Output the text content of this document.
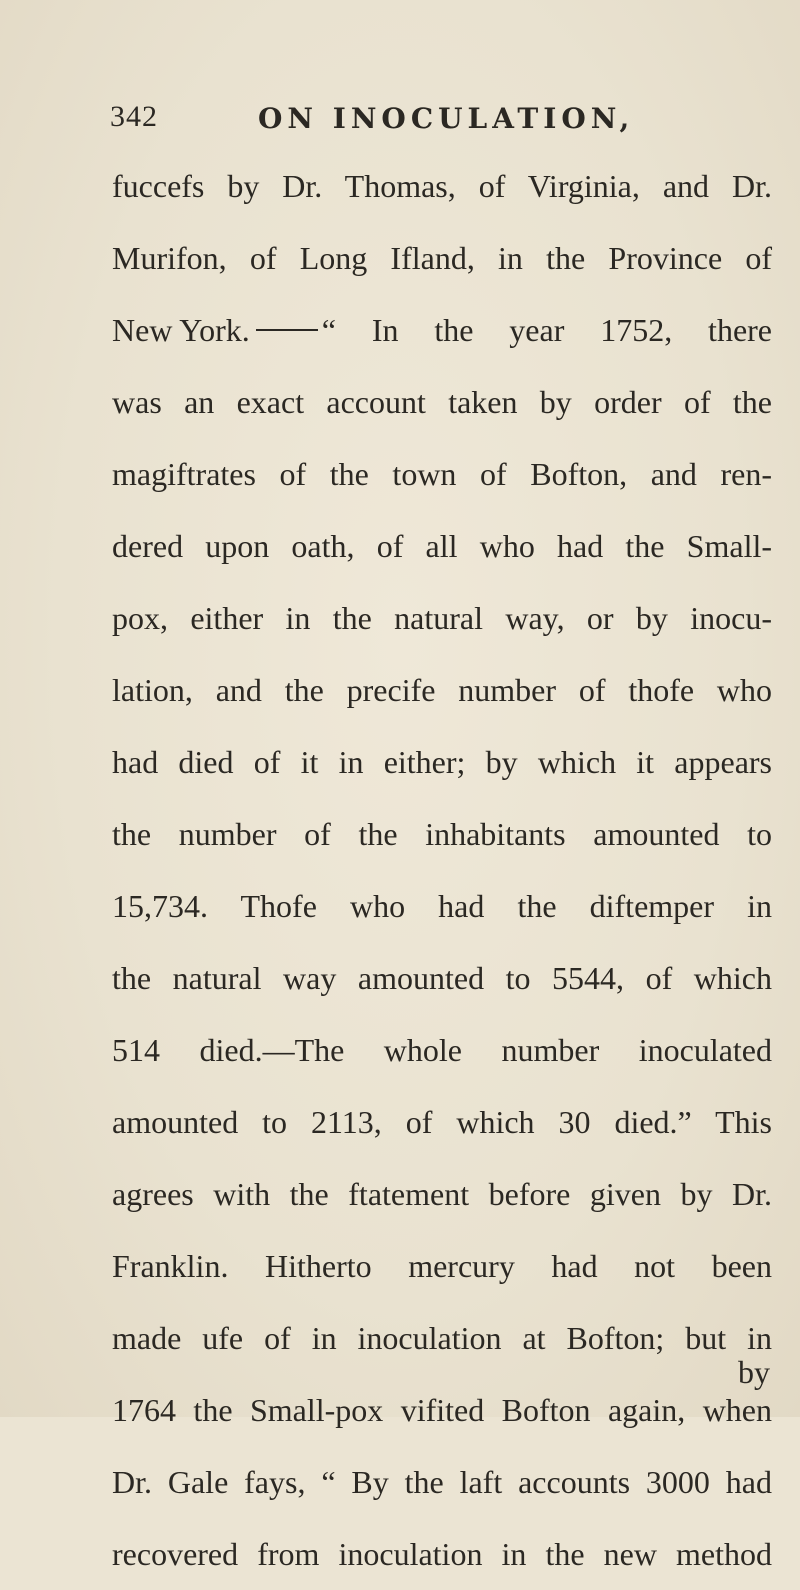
342	ON INOCULATION,
fuccefs by Dr. Thomas, of Virginia, and Dr.
Murifon, of Long Ifland, in the Province of
New York. “ In the year 1752, there
was an exact account taken by order of the
magiftrates of the town of Bofton, and ren-
dered upon oath, of all who had the Small-
pox, either in the natural way, or by inocu-
lation, and the precife number of thofe who
had died of it in either; by which it appears
the number of the inhabitants amounted to
15,734. Thofe who had the diftemper in
the natural way amounted to 5544, of which
514 died.—The whole number inoculated
amounted to 2113, of which 30 died.” This
agrees with the ftatement before given by Dr.
Franklin. Hitherto mercury had not been
made ufe of in inoculation at Bofton; but in
1764 the Small-pox vifited Bofton again, when
Dr. Gale fays, “ By the laft accounts 3000 had
recovered from inoculation in the new method
by
